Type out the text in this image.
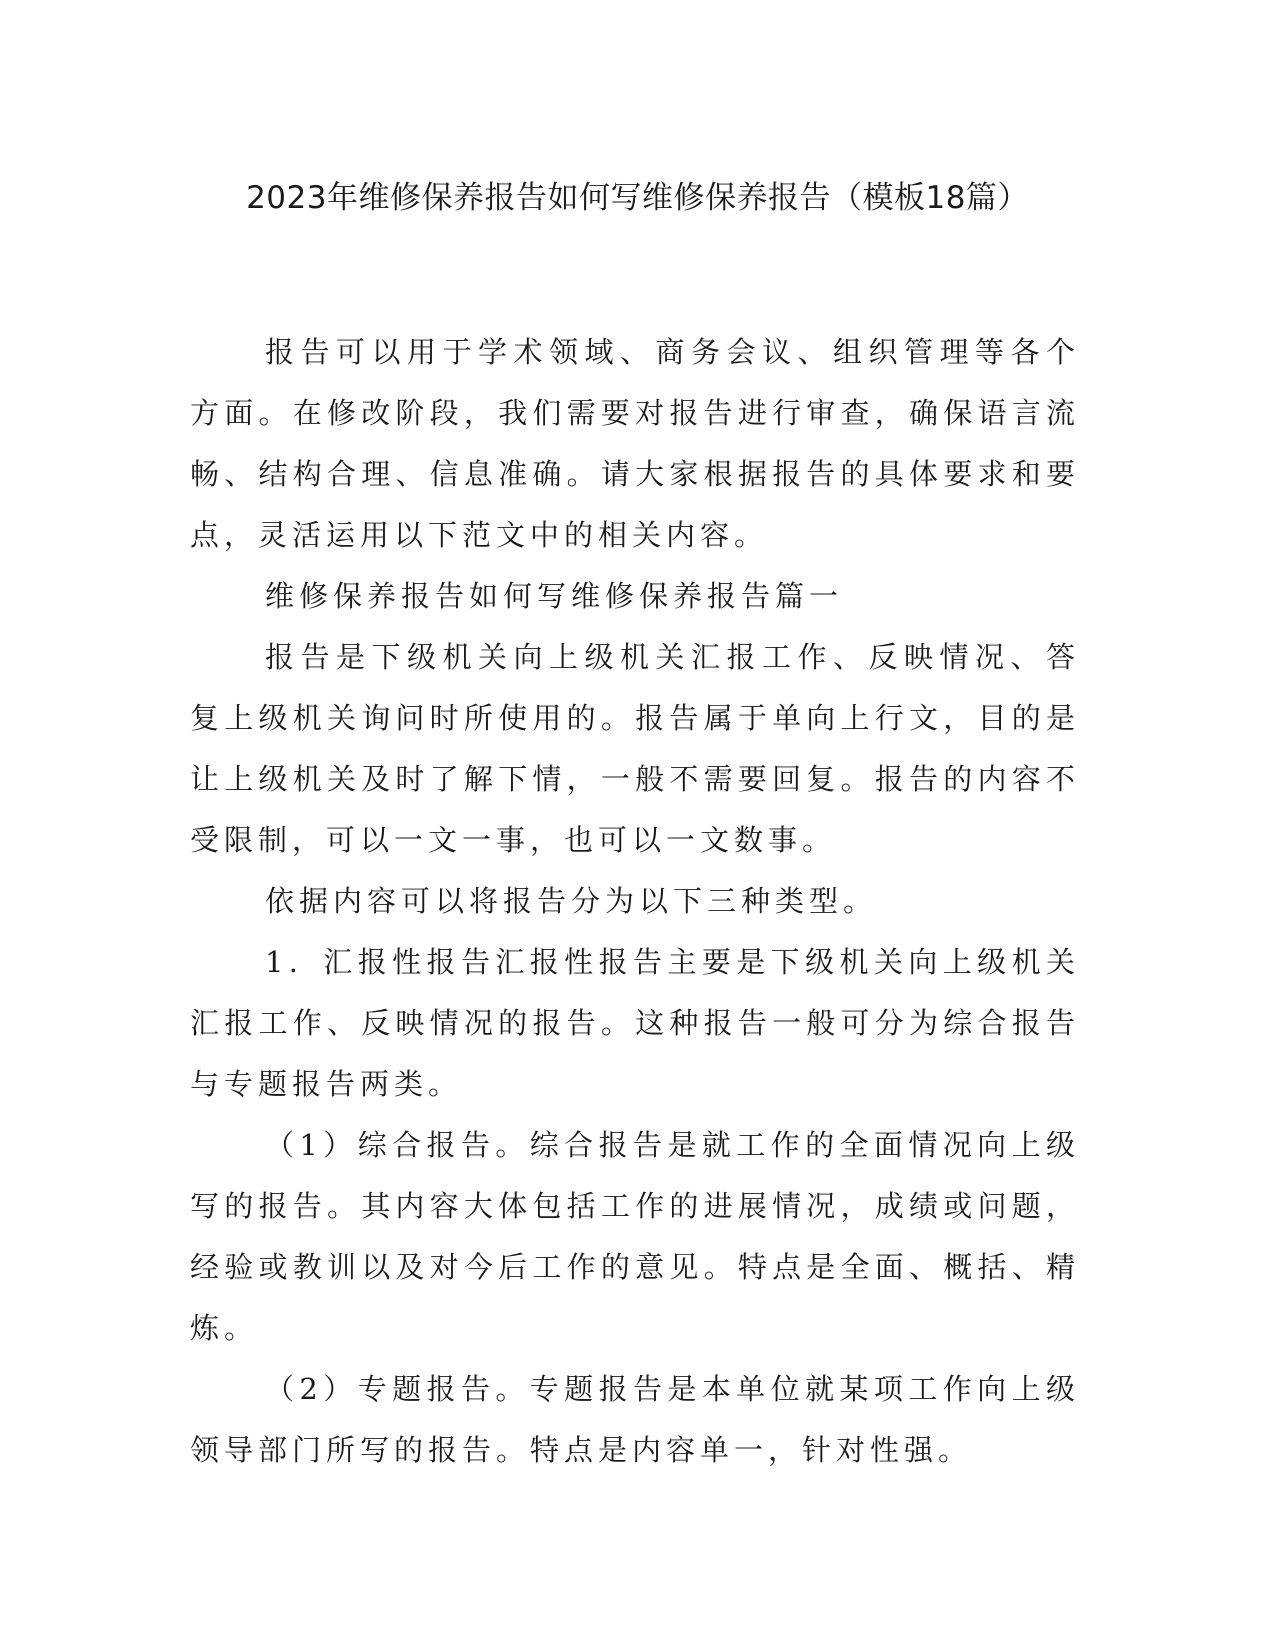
2023年维修保养报告如何写维修保养报告（模板18篇）

报告可以用于学术领域、商务会议、组织管理等各个方面。在修改阶段，我们需要对报告进行审查，确保语言流畅、结构合理、信息准确。请大家根据报告的具体要求和要点，灵活运用以下范文中的相关内容。

维修保养报告如何写维修保养报告篇一

报告是下级机关向上级机关汇报工作、反映情况、答复上级机关询问时所使用的。报告属于单向上行文，目的是让上级机关及时了解下情，一般不需要回复。报告的内容不受限制，可以一文一事，也可以一文数事。

依据内容可以将报告分为以下三种类型。

1．汇报性报告汇报性报告主要是下级机关向上级机关汇报工作、反映情况的报告。这种报告一般可分为综合报告与专题报告两类。

（1）综合报告。综合报告是就工作的全面情况向上级写的报告。其内容大体包括工作的进展情况，成绩或问题，经验或教训以及对今后工作的意见。特点是全面、概括、精炼。

（2）专题报告。专题报告是本单位就某项工作向上级领导部门所写的报告。特点是内容单一，针对性强。
